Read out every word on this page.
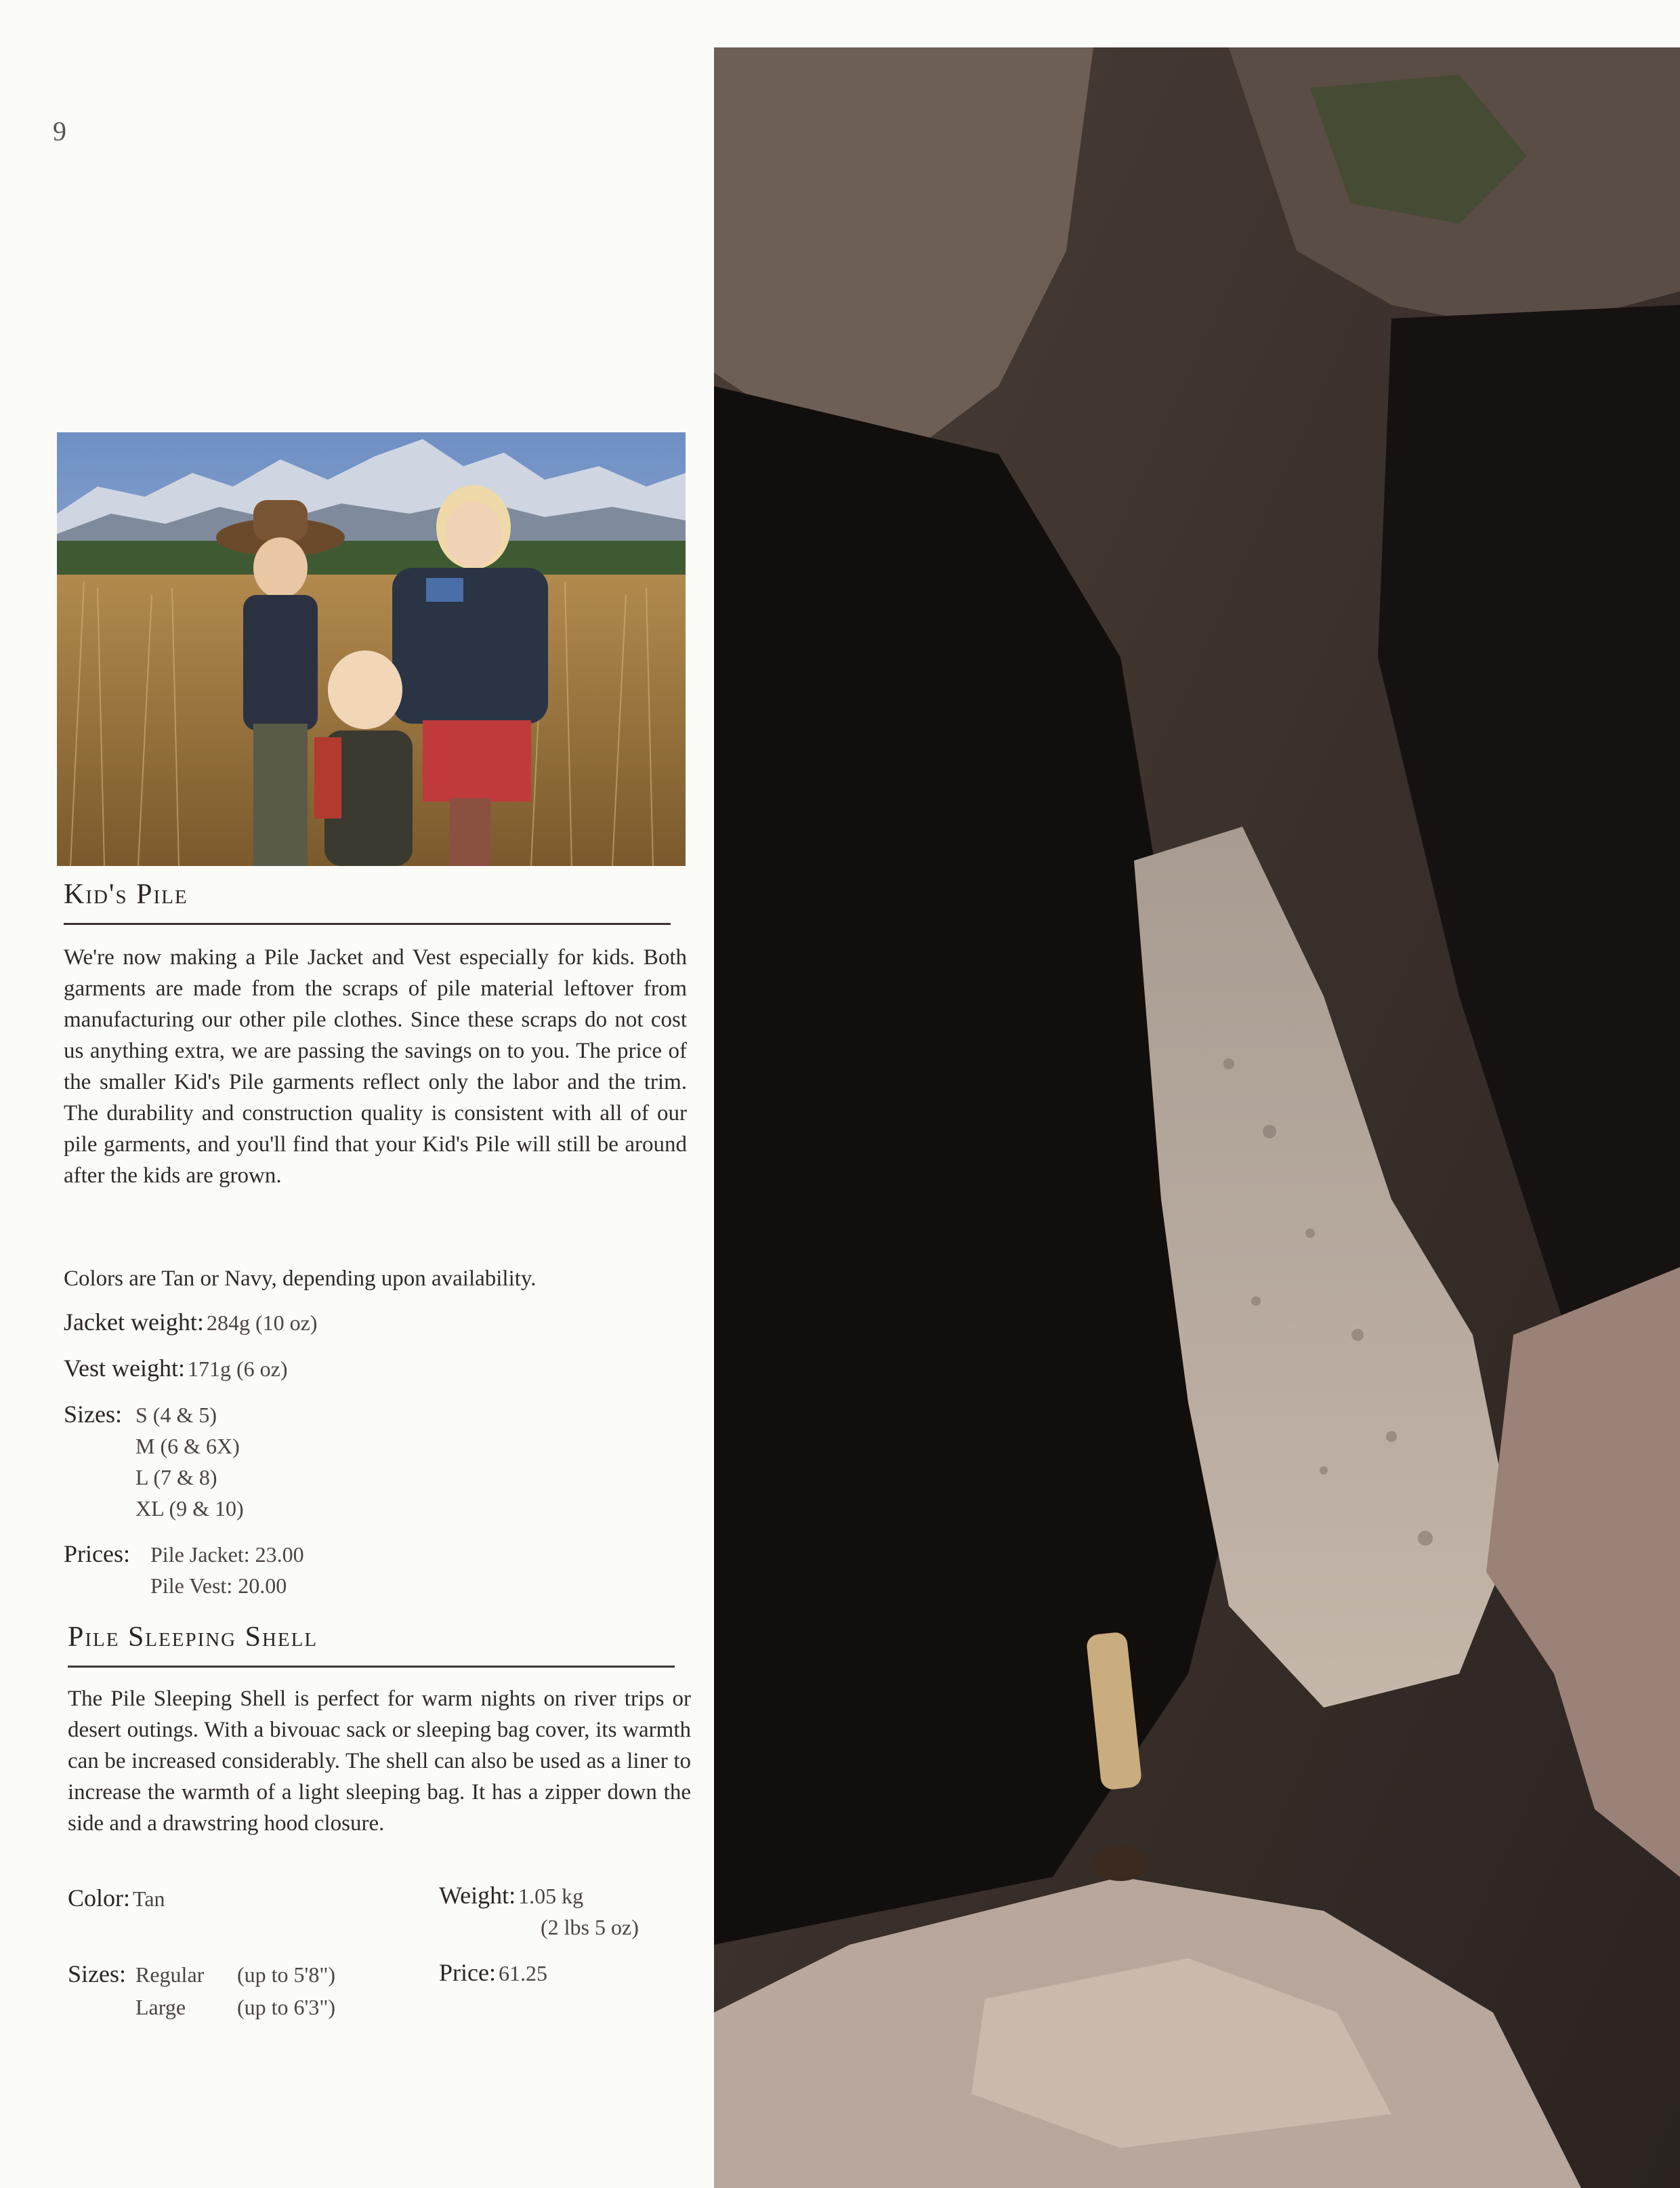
9
Kid's Pile
We're now making a Pile Jacket and Vest especially for kids. Both garments are made from the scraps of pile material leftover from manufacturing our other pile clothes. Since these scraps do not cost us anything extra, we are passing the savings on to you. The price of the smaller Kid's Pile garments reflect only the labor and the trim. The durability and construction quality is consistent with all of our pile garments, and you'll find that your Kid's Pile will still be around after the kids are grown.
Colors are Tan or Navy, depending upon availability.
Jacket weight: 284g (10 oz)
Vest weight: 171g (6 oz)
Sizes: S (4 & 5)
M (6 & 6X)
L (7 & 8)
XL (9 & 10)
Prices: Pile Jacket: 23.00
Pile Vest: 20.00
Pile Sleeping Shell
The Pile Sleeping Shell is perfect for warm nights on river trips or desert outings. With a bivouac sack or sleeping bag cover, its warmth can be increased considerably. The shell can also be used as a liner to increase the warmth of a light sleeping bag. It has a zipper down the side and a drawstring hood closure.
Color: Tan	Weight: 1.05 kg
(2 lbs 5 oz)
Sizes: Regular (up to 5'8")
Large (up to 6'3")
Price: 61.25
